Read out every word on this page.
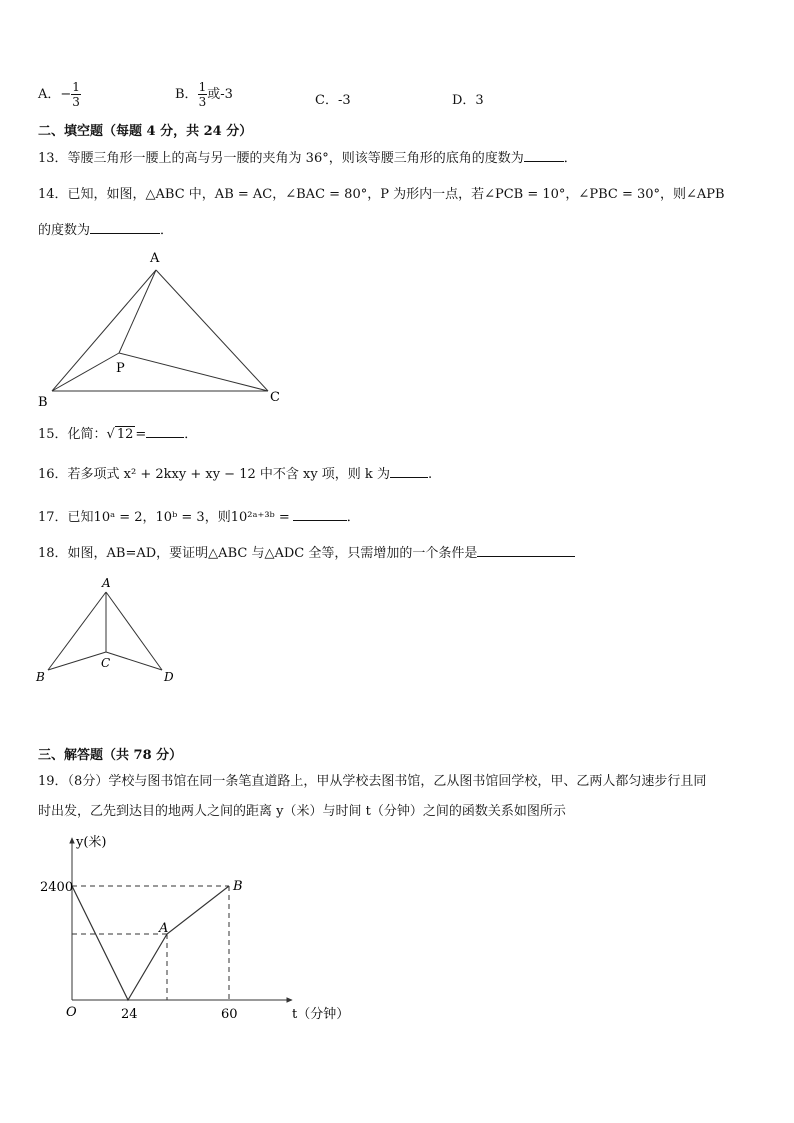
A．− $\frac{1}{3}$	B． $\frac{1}{3}$ 或-3	C．-3	D．3
二、填空题（每题 4 分，共 24 分）
13．等腰三角形一腰上的高与另一腰的夹角为 36°，则该等腰三角形的底角的度数为	．
14．已知，如图，△ABC 中，AB = AC，∠BAC = 80°，P 为形内一点，若∠PCB = 10°，∠PBC = 30°，则∠APB
的度数为	．
A
P
B	C
15．化简：√ 12 =	．
16．若多项式 x² + 2kxy + xy − 12 中不含 xy 项，则 k 为	.
17．已知10ᵃ = 2，10ᵇ = 3，则10²ᵃ⁺³ᵇ =	．
18．如图，AB=AD，要证明△ABC 与△ADC 全等，只需增加的一个条件是
A
C
B	D
三、解答题（共 78 分）
19．（8分）学校与图书馆在同一条笔直道路上，甲从学校去图书馆，乙从图书馆回学校，甲、乙两人都匀速步行且同
时出发，乙先到达目的地两人之间的距离 y（米）与时间 t（分钟）之间的函数关系如图所示
y(米)
t（分钟）
O
2400
24	60
A
B
